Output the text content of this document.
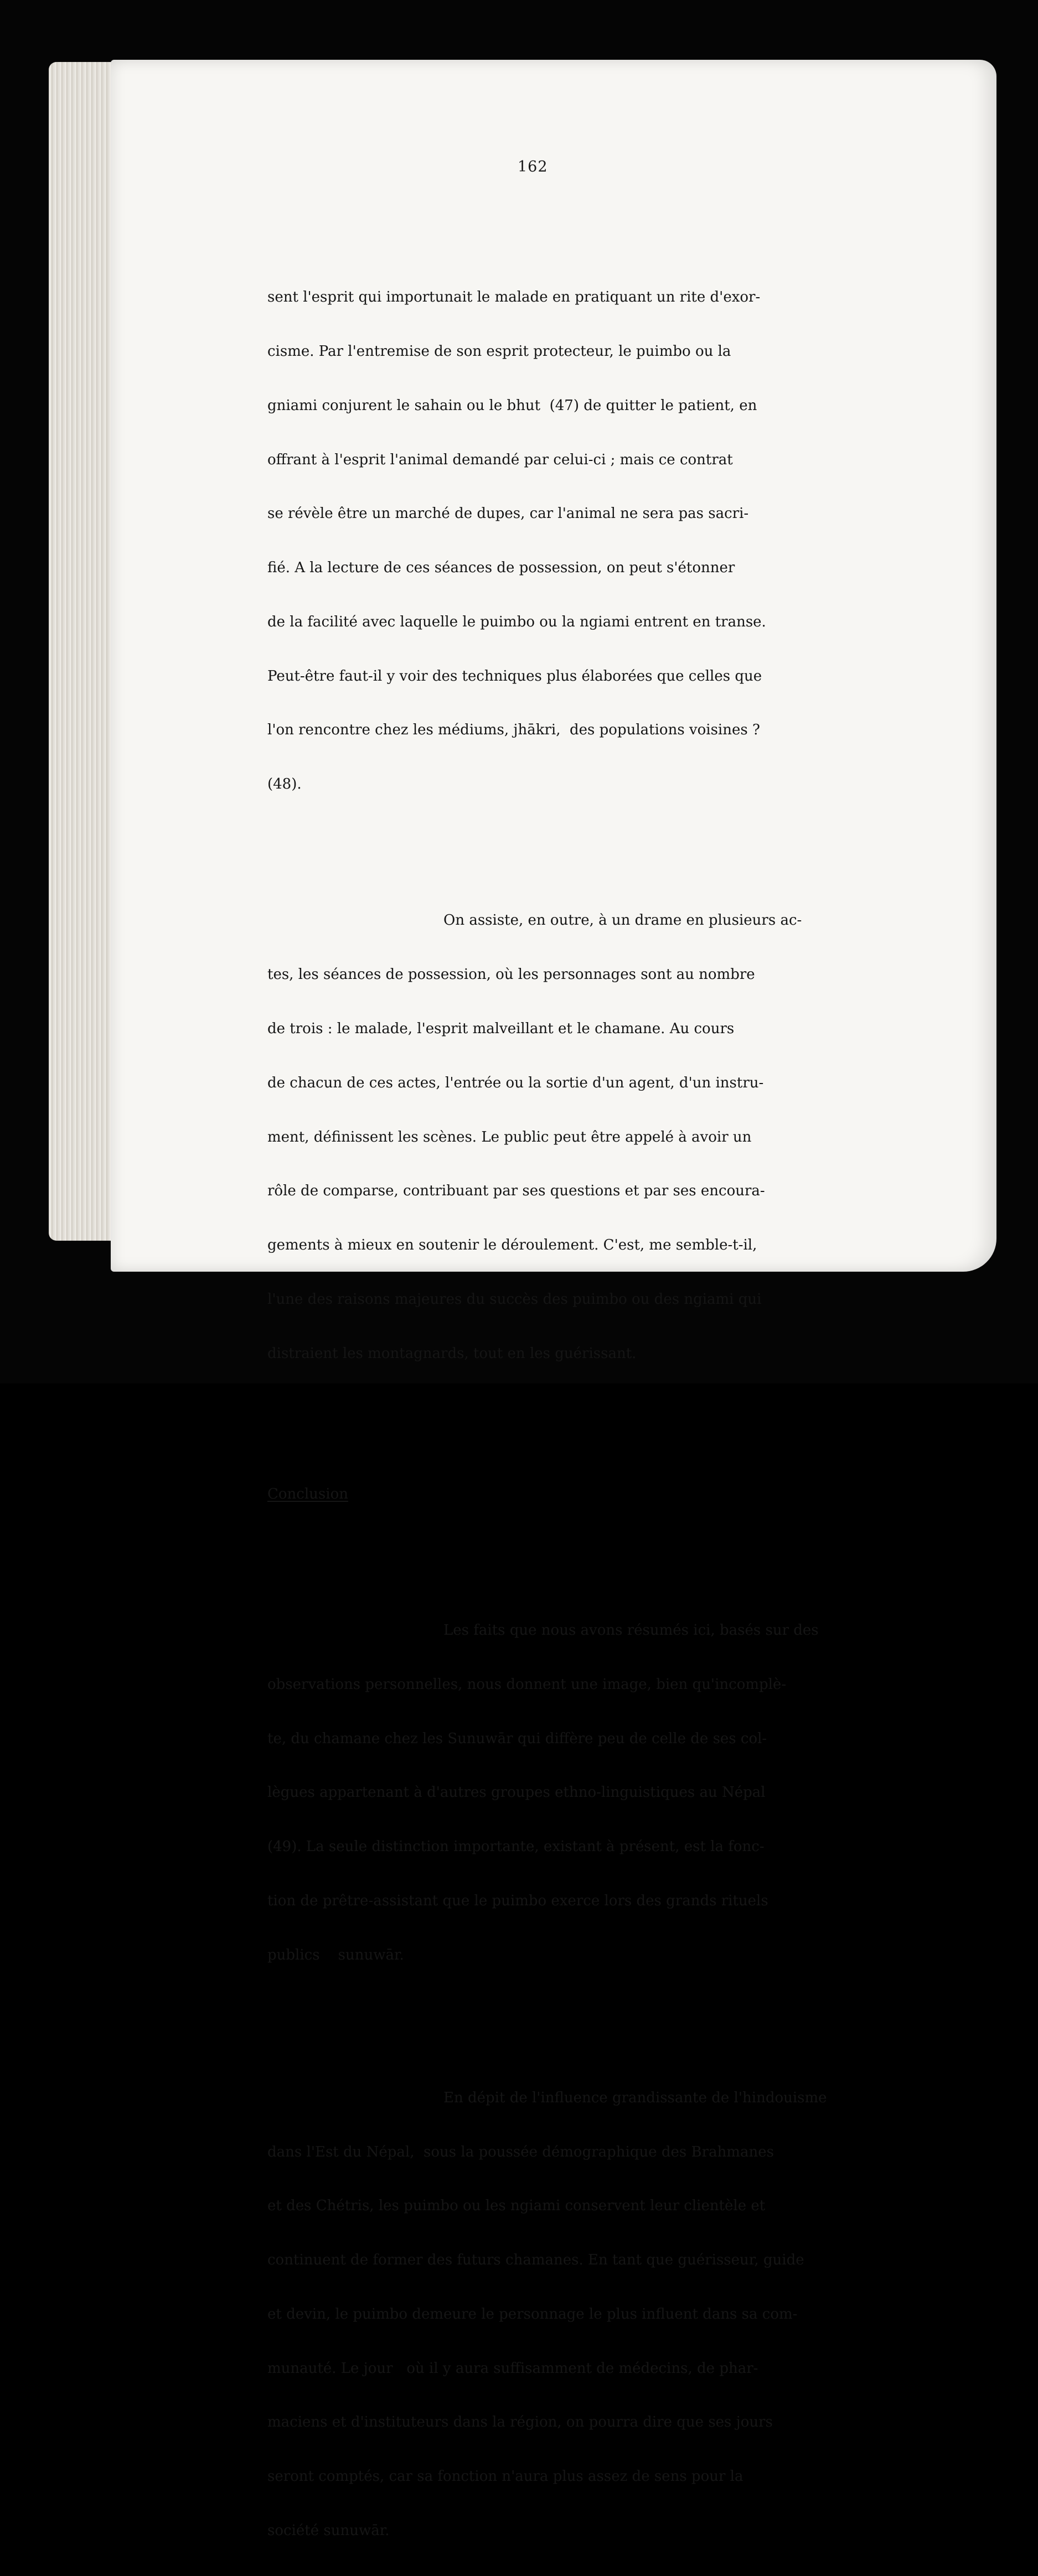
162

sent l'esprit qui importunait le malade en pratiquant un rite d'exor-

cisme. Par l'entremise de son esprit protecteur, le puimbo ou la

gniami conjurent le sahain ou le bhut  (47) de quitter le patient, en

offrant à l'esprit l'animal demandé par celui-ci ; mais ce contrat

se révèle être un marché de dupes, car l'animal ne sera pas sacri-

fié. A la lecture de ces séances de possession, on peut s'étonner

de la facilité avec laquelle le puimbo ou la ngiami entrent en transe.

Peut-être faut-il y voir des techniques plus élaborées que celles que

l'on rencontre chez les médiums, jhākri,  des populations voisines ?

(48).

On assiste, en outre, à un drame en plusieurs ac-

tes, les séances de possession, où les personnages sont au nombre

de trois : le malade, l'esprit malveillant et le chamane. Au cours

de chacun de ces actes, l'entrée ou la sortie d'un agent, d'un instru-

ment, définissent les scènes. Le public peut être appelé à avoir un

rôle de comparse, contribuant par ses questions et par ses encoura-

gements à mieux en soutenir le déroulement. C'est, me semble-t-il,

l'une des raisons majeures du succès des puimbo ou des ngiami qui

distraient les montagnards, tout en les guérissant.

Conclusion

Les faits que nous avons résumés ici, basés sur des

observations personnelles, nous donnent une image, bien qu'incomplè-

te, du chamane chez les Sunuwār qui diffère peu de celle de ses col-

lègues appartenant à d'autres groupes ethno-linguistiques au Népal

(49). La seule distinction importante, existant à présent, est la fonc-

tion de prêtre-assistant que le puimbo exerce lors des grands rituels

publics    sunuwār.

En dépit de l'influence grandissante de l'hindouisme

dans l'Est du Népal,  sous la poussée démographique des Brahmanes

et des Chétris, les puimbo ou les ngiami conservent leur clientèle et

continuent de former des futurs chamanes. En tant que guérisseur, guide

et devin, le puimbo demeure le personnage le plus influent dans sa com-

munauté. Le jour   où il y aura suffisamment de médecins, de phar-

maciens et d'instituteurs dans la région, on pourra dire que ses jours

seront comptés, car sa fonction n'aura plus assez de sens pour la

société sunuwār.
